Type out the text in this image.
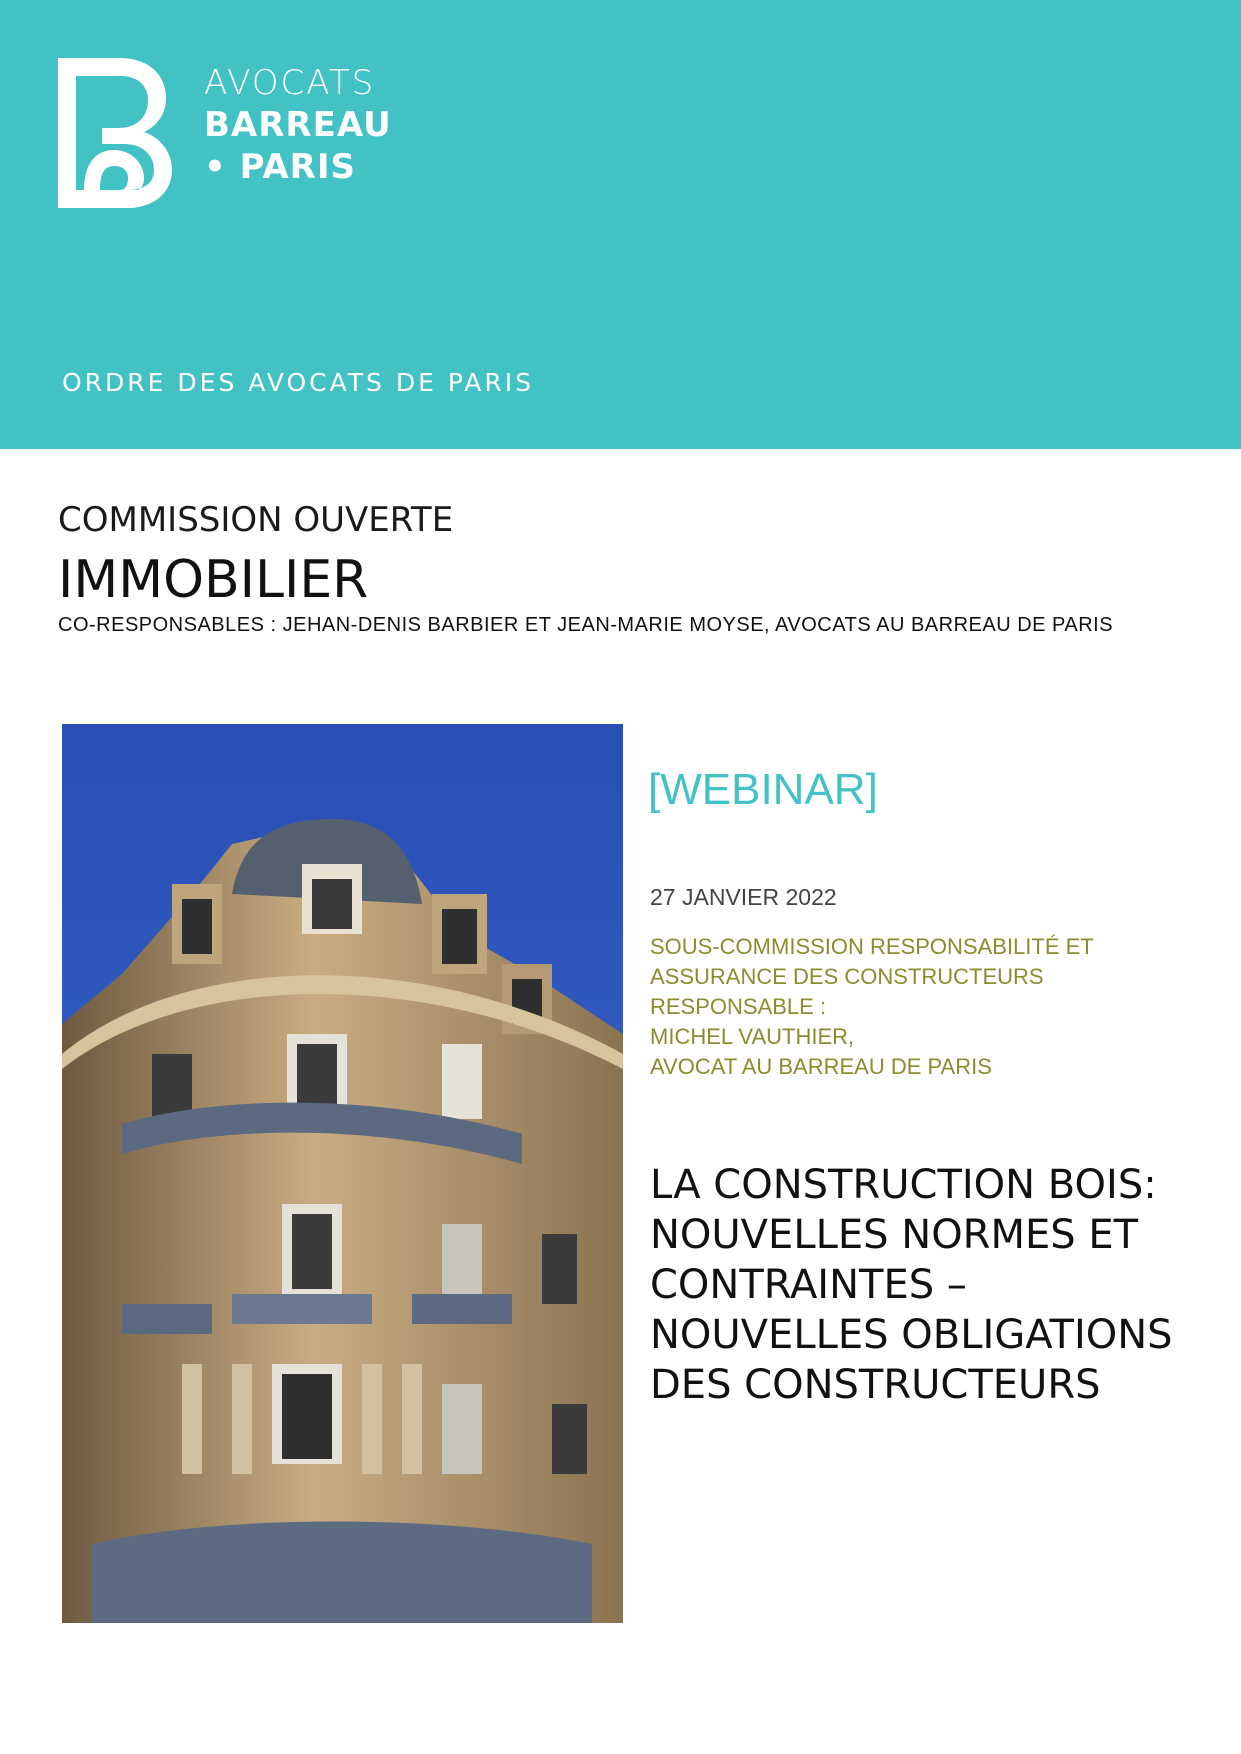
AVOCATS
BARREAU
• PARIS
ORDRE DES AVOCATS DE PARIS
COMMISSION OUVERTE
IMMOBILIER
CO-RESPONSABLES : JEHAN-DENIS BARBIER ET JEAN-MARIE MOYSE, AVOCATS AU BARREAU DE PARIS
[WEBINAR]
27 JANVIER 2022
SOUS-COMMISSION RESPONSABILITÉ ET
ASSURANCE DES CONSTRUCTEURS
RESPONSABLE :
MICHEL VAUTHIER,
AVOCAT AU BARREAU DE PARIS
LA CONSTRUCTION BOIS:
NOUVELLES NORMES ET
CONTRAINTES –
NOUVELLES OBLIGATIONS
DES CONSTRUCTEURS
